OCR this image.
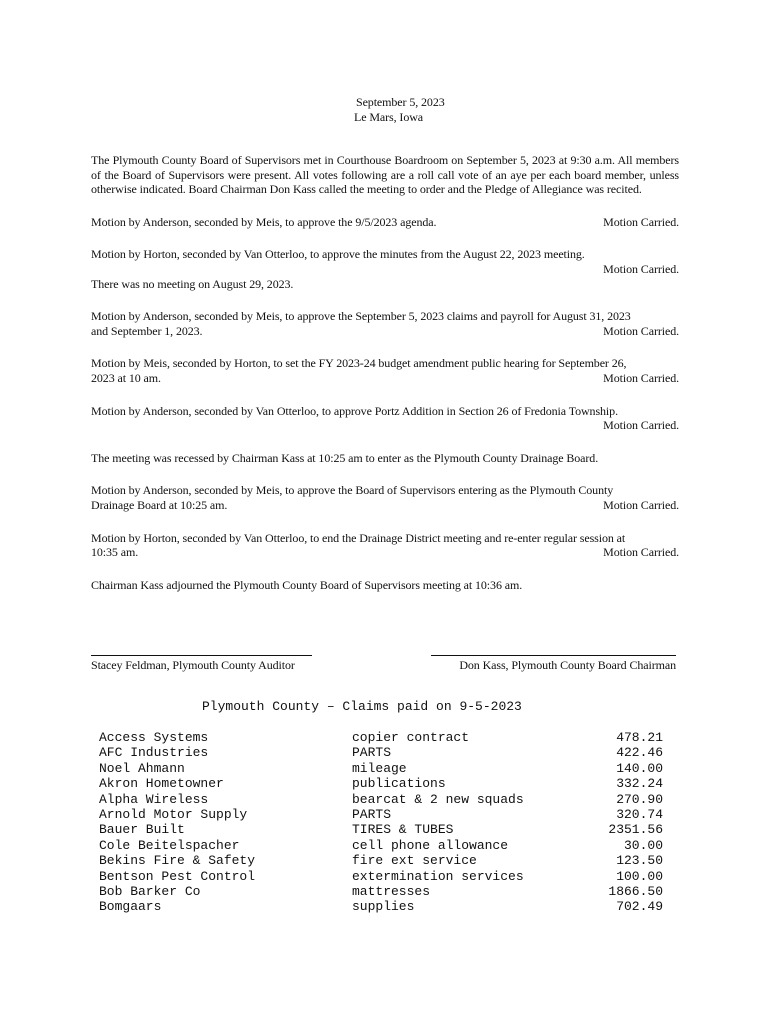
September 5, 2023
Le Mars, Iowa

The Plymouth County Board of Supervisors met in Courthouse Boardroom on September 5, 2023 at 9:30 a.m. All members of the Board of Supervisors were present. All votes following are a roll call vote of an aye per each board member, unless otherwise indicated. Board Chairman Don Kass called the meeting to order and the Pledge of Allegiance was recited.

Motion by Anderson, seconded by Meis, to approve the 9/5/2023 agenda.	Motion Carried.
Motion by Horton, seconded by Van Otterloo, to approve the minutes from the August 22, 2023 meeting.
Motion Carried.

There was no meeting on August 29, 2023.

Motion by Anderson, seconded by Meis, to approve the September 5, 2023 claims and payroll for August 31, 2023
and September 1, 2023.	Motion Carried.
Motion by Meis, seconded by Horton, to set the FY 2023-24 budget amendment public hearing for September 26,
2023 at 10 am.	Motion Carried.
Motion by Anderson, seconded by Van Otterloo, to approve Portz Addition in Section 26 of Fredonia Township.
Motion Carried.

The meeting was recessed by Chairman Kass at 10:25 am to enter as the Plymouth County Drainage Board.

Motion by Anderson, seconded by Meis, to approve the Board of Supervisors entering as the Plymouth County
Drainage Board at 10:25 am.	Motion Carried.
Motion by Horton, seconded by Van Otterloo, to end the Drainage District meeting and re-enter regular session at
10:35 am.	Motion Carried.

Chairman Kass adjourned the Plymouth County Board of Supervisors meeting at 10:36 am.

Stacey Feldman, Plymouth County Auditor	Don Kass, Plymouth County Board Chairman
Plymouth County – Claims paid on 9-5-2023
Access Systems	copier contract	478.21
AFC Industries	PARTS	422.46
Noel Ahmann	mileage	140.00
Akron Hometowner	publications	332.24
Alpha Wireless	bearcat & 2 new squads	270.90
Arnold Motor Supply	PARTS	320.74
Bauer Built	TIRES & TUBES	2351.56
Cole Beitelspacher	cell phone allowance	30.00
Bekins Fire & Safety	fire ext service	123.50
Bentson Pest Control	extermination services	100.00
Bob Barker Co	mattresses	1866.50
Bomgaars	supplies	702.49
